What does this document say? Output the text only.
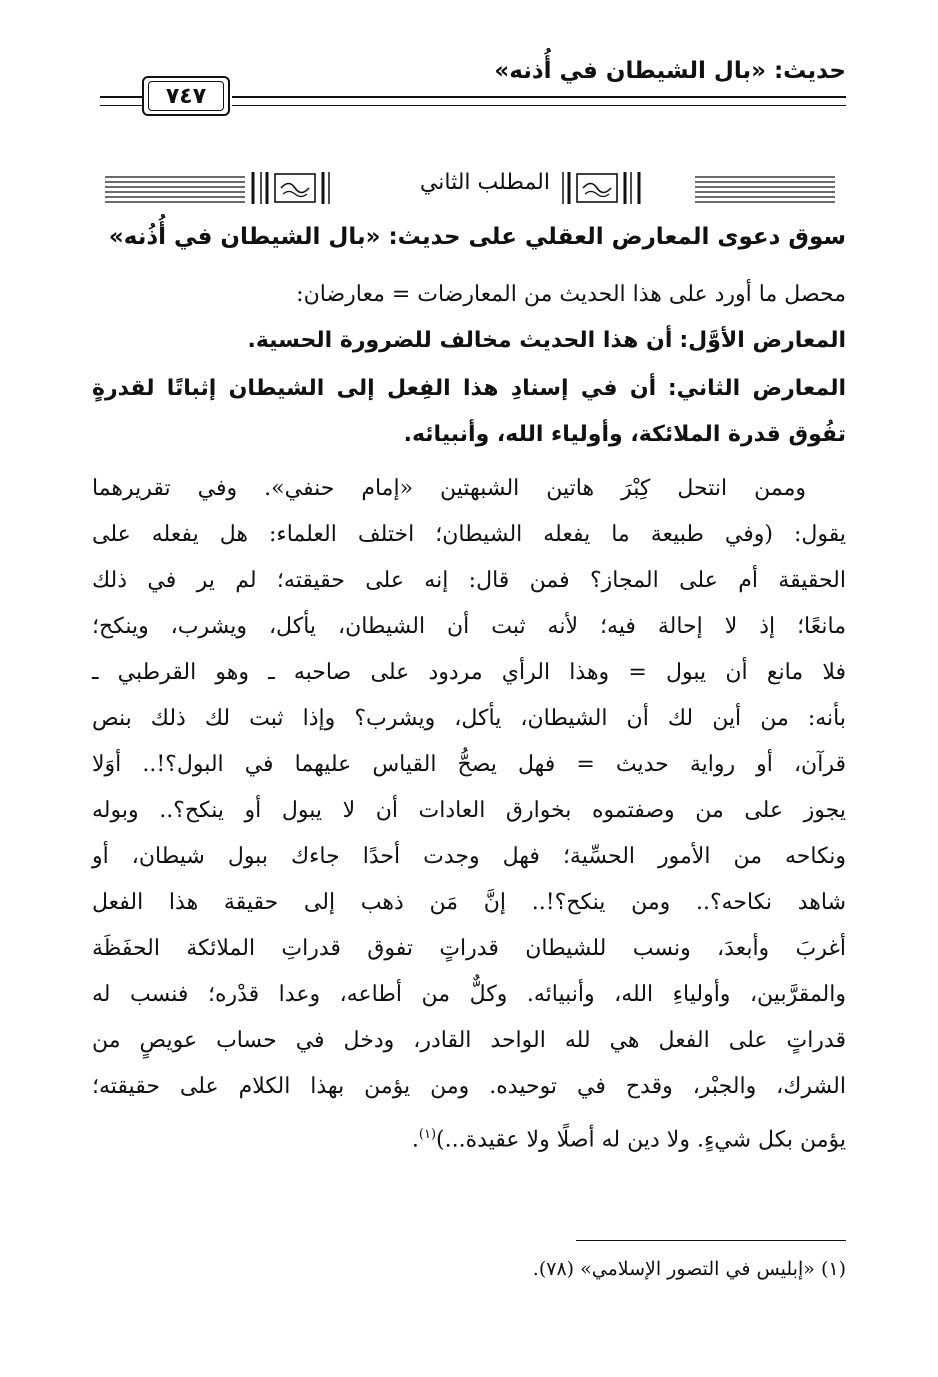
حديث: «بال الشيطان في أُذنه»
٧٤٧
المطلب الثاني
سوق دعوى المعارض العقلي على حديث: «بال الشيطان في أُذُنه»
محصل ما أورد على هذا الحديث من المعارضات = معارضان:
المعارض الأوَّل: أن هذا الحديث مخالف للضرورة الحسية.
المعارض الثاني: أن في إسنادِ هذا الفِعل إلى الشيطان إثباتًا لقدرةٍ
تفُوق قدرة الملائكة، وأولياء الله، وأنبيائه.
وممن انتحل كِبْرَ هاتين الشبهتين «إمام حنفي». وفي تقريرهما
يقول: (وفي طبيعة ما يفعله الشيطان؛ اختلف العلماء: هل يفعله على
الحقيقة أم على المجاز؟ فمن قال: إنه على حقيقته؛ لم ير في ذلك
مانعًا؛ إذ لا إحالة فيه؛ لأنه ثبت أن الشيطان، يأكل، ويشرب، وينكح؛
فلا مانع أن يبول = وهذا الرأي مردود على صاحبه ـ وهو القرطبي ـ
بأنه: من أين لك أن الشيطان، يأكل، ويشرب؟ وإذا ثبت لك ذلك بنص
قرآن، أو رواية حديث = فهل يصحُّ القياس عليهما في البول؟!.. أوَلا
يجوز على من وصفتموه بخوارق العادات أن لا يبول أو ينكح؟.. وبوله
ونكاحه من الأمور الحسِّية؛ فهل وجدت أحدًا جاءك ببول شيطان، أو
شاهد نكاحه؟.. ومن ينكح؟!.. إنَّ مَن ذهب إلى حقيقة هذا الفعل
أغربَ وأبعدَ، ونسب للشيطان قدراتٍ تفوق قدراتِ الملائكة الحفَظَة
والمقرَّبين، وأولياءِ الله، وأنبيائه. وكلٌّ من أطاعه، وعدا قدْره؛ فنسب له
قدراتٍ على الفعل هي لله الواحد القادر، ودخل في حساب عويصٍ من
الشرك، والجبْر، وقدح في توحيده. ومن يؤمن بهذا الكلام على حقيقته؛
يؤمن بكل شيءٍ. ولا دين له أصلًا ولا عقيدة...)$^{(١)}$.
(١) «إبليس في التصور الإسلامي» (٧٨).
